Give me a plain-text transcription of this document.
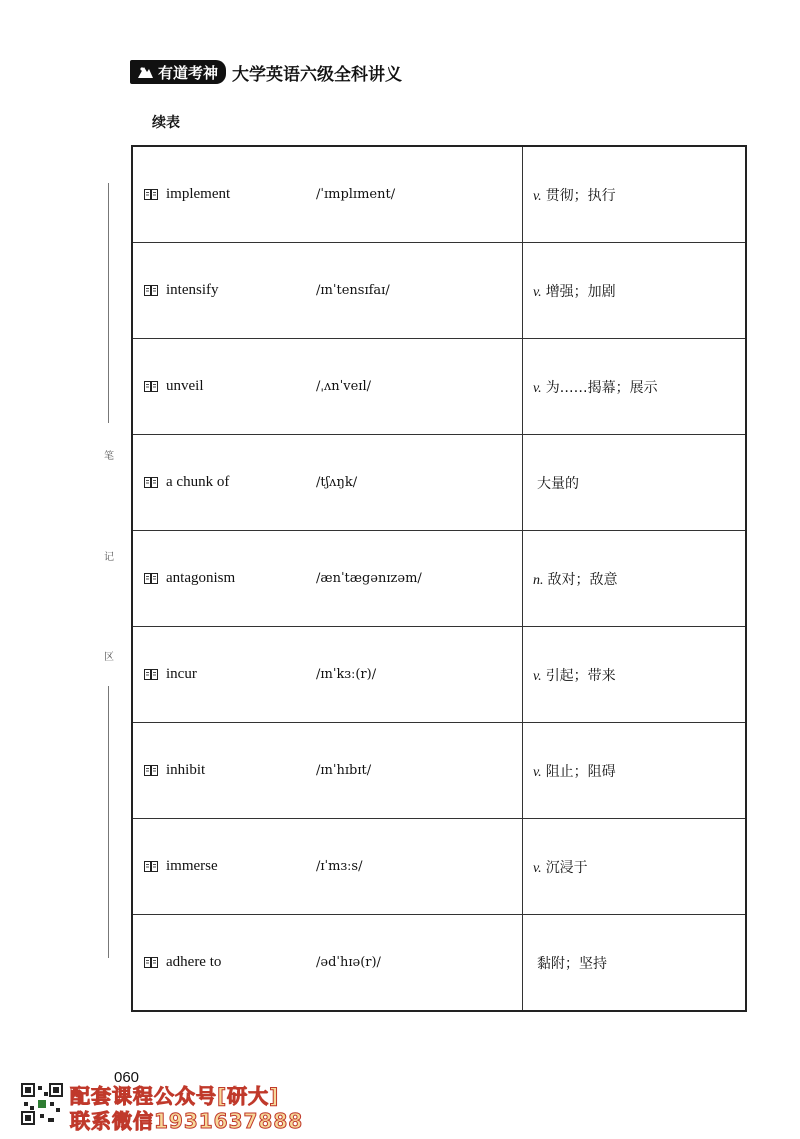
有道考神 大学英语六级全科讲义
续表
笔
记
区
implement /ˈɪmplɪment/	v. 贯彻；执行

intensify /ɪnˈtensɪfaɪ/	v. 增强；加剧

unveil /ˌʌnˈveɪl/	v. 为……揭幕；展示

a chunk of /tʃʌŋk/	大量的

antagonism /ænˈtægənɪzəm/	n. 敌对；敌意

incur /ɪnˈkɜː(r)/	v. 引起；带来

inhibit /ɪnˈhɪbɪt/	v. 阻止；阻碍

immerse /ɪˈmɜːs/	v. 沉浸于

adhere to /ədˈhɪə(r)/	黏附；坚持
060
配套课程公众号[研大]
联系微信1931637888
